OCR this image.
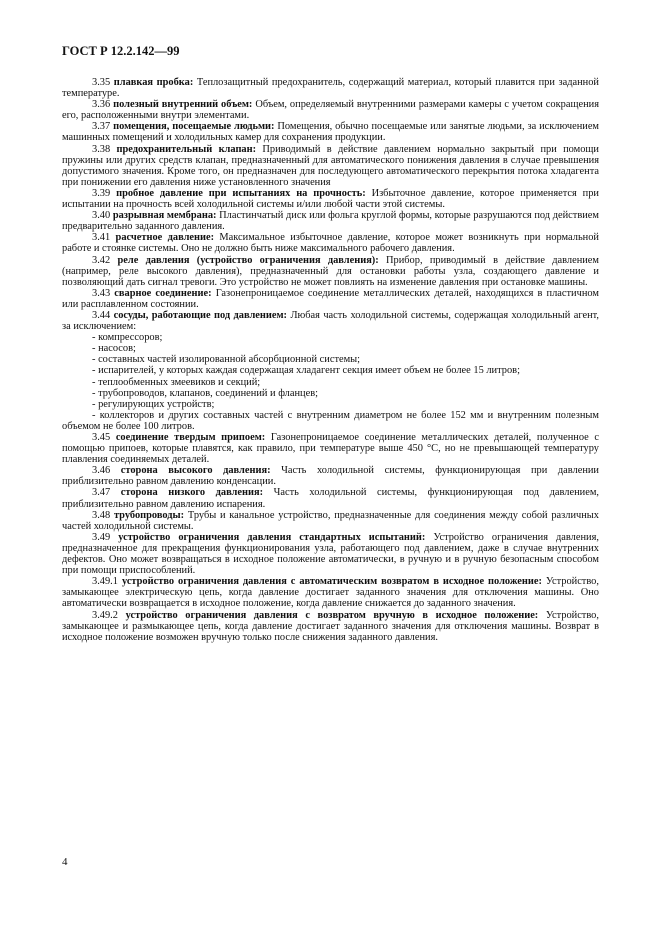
ГОСТ Р 12.2.142—99

3.35 плавкая пробка: Теплозащитный предохранитель, содержащий материал, который плавится при заданной температуре.

3.36 полезный внутренний объем: Объем, определяемый внутренними размерами камеры с учетом сокращения его, расположенными внутри элементами.

3.37 помещения, посещаемые людьми: Помещения, обычно посещаемые или занятые людьми, за исключением машинных помещений и холодильных камер для сохранения продукции.

3.38 предохранительный клапан: Приводимый в действие давлением нормально закрытый при помощи пружины или других средств клапан, предназначенный для автоматического понижения давления в случае превышения допустимого значения. Кроме того, он предназначен для последующего автоматического перекрытия потока хладагента при понижении его давления ниже установленного значения

3.39 пробное давление при испытаниях на прочность: Избыточное давление, которое применяется при испытании на прочность всей холодильной системы и/или любой части этой системы.

3.40 разрывная мембрана: Пластинчатый диск или фольга круглой формы, которые разрушаются под действием предварительно заданного давления.

3.41 расчетное давление: Максимальное избыточное давление, которое может возникнуть при нормальной работе и стоянке системы. Оно не должно быть ниже максимального рабочего давления.

3.42 реле давления (устройство ограничения давления): Прибор, приводимый в действие давлением (например, реле высокого давления), предназначенный для остановки работы узла, создающего давление и позволяющий дать сигнал тревоги. Это устройство не может повлиять на изменение давления при остановке машины.

3.43 сварное соединение: Газонепроницаемое соединение металлических деталей, находящихся в пластичном или расплавленном состоянии.

3.44 сосуды, работающие под давлением: Любая часть холодильной системы, содержащая холодильный агент, за исключением:

- компрессоров;

- насосов;

- составных частей изолированной абсорбционной системы;

- испарителей, у которых каждая содержащая хладагент секция имеет объем не более 15 литров;

- теплообменных змеевиков и секций;

- трубопроводов, клапанов, соединений и фланцев;

- регулирующих устройств;

- коллекторов и других составных частей с внутренним диаметром не более 152 мм и внутренним полезным объемом не более 100 литров.

3.45 соединение твердым припоем: Газонепроницаемое соединение металлических деталей, полученное с помощью припоев, которые плавятся, как правило, при температуре выше 450 °С, но не превышающей температуру плавления соединяемых деталей.

3.46 сторона высокого давления: Часть холодильной системы, функционирующая при давлении приблизительно равном давлению конденсации.

3.47 сторона низкого давления: Часть холодильной системы, функционирующая под давлением, приблизительно равном давлению испарения.

3.48 трубопроводы: Трубы и канальное устройство, предназначенные для соединения между собой различных частей холодильной системы.

3.49 устройство ограничения давления стандартных испытаний: Устройство ограничения давления, предназначенное для прекращения функционирования узла, работающего под давлением, даже в случае внутренних дефектов. Оно может возвращаться в исходное положение автоматически, в ручную и в ручную безопасным способом при помощи приспособлений.

3.49.1 устройство ограничения давления с автоматическим возвратом в исходное положение: Устройство, замыкающее электрическую цепь, когда давление достигает заданного значения для отключения машины. Оно автоматически возвращается в исходное положение, когда давление снижается до заданного значения.

3.49.2 устройство ограничения давления с возвратом вручную в исходное положение: Устройство, замыкающее и размыкающее цепь, когда давление достигает заданного значения для отключения машины. Возврат в исходное положение возможен вручную только после снижения заданного давления.

4
